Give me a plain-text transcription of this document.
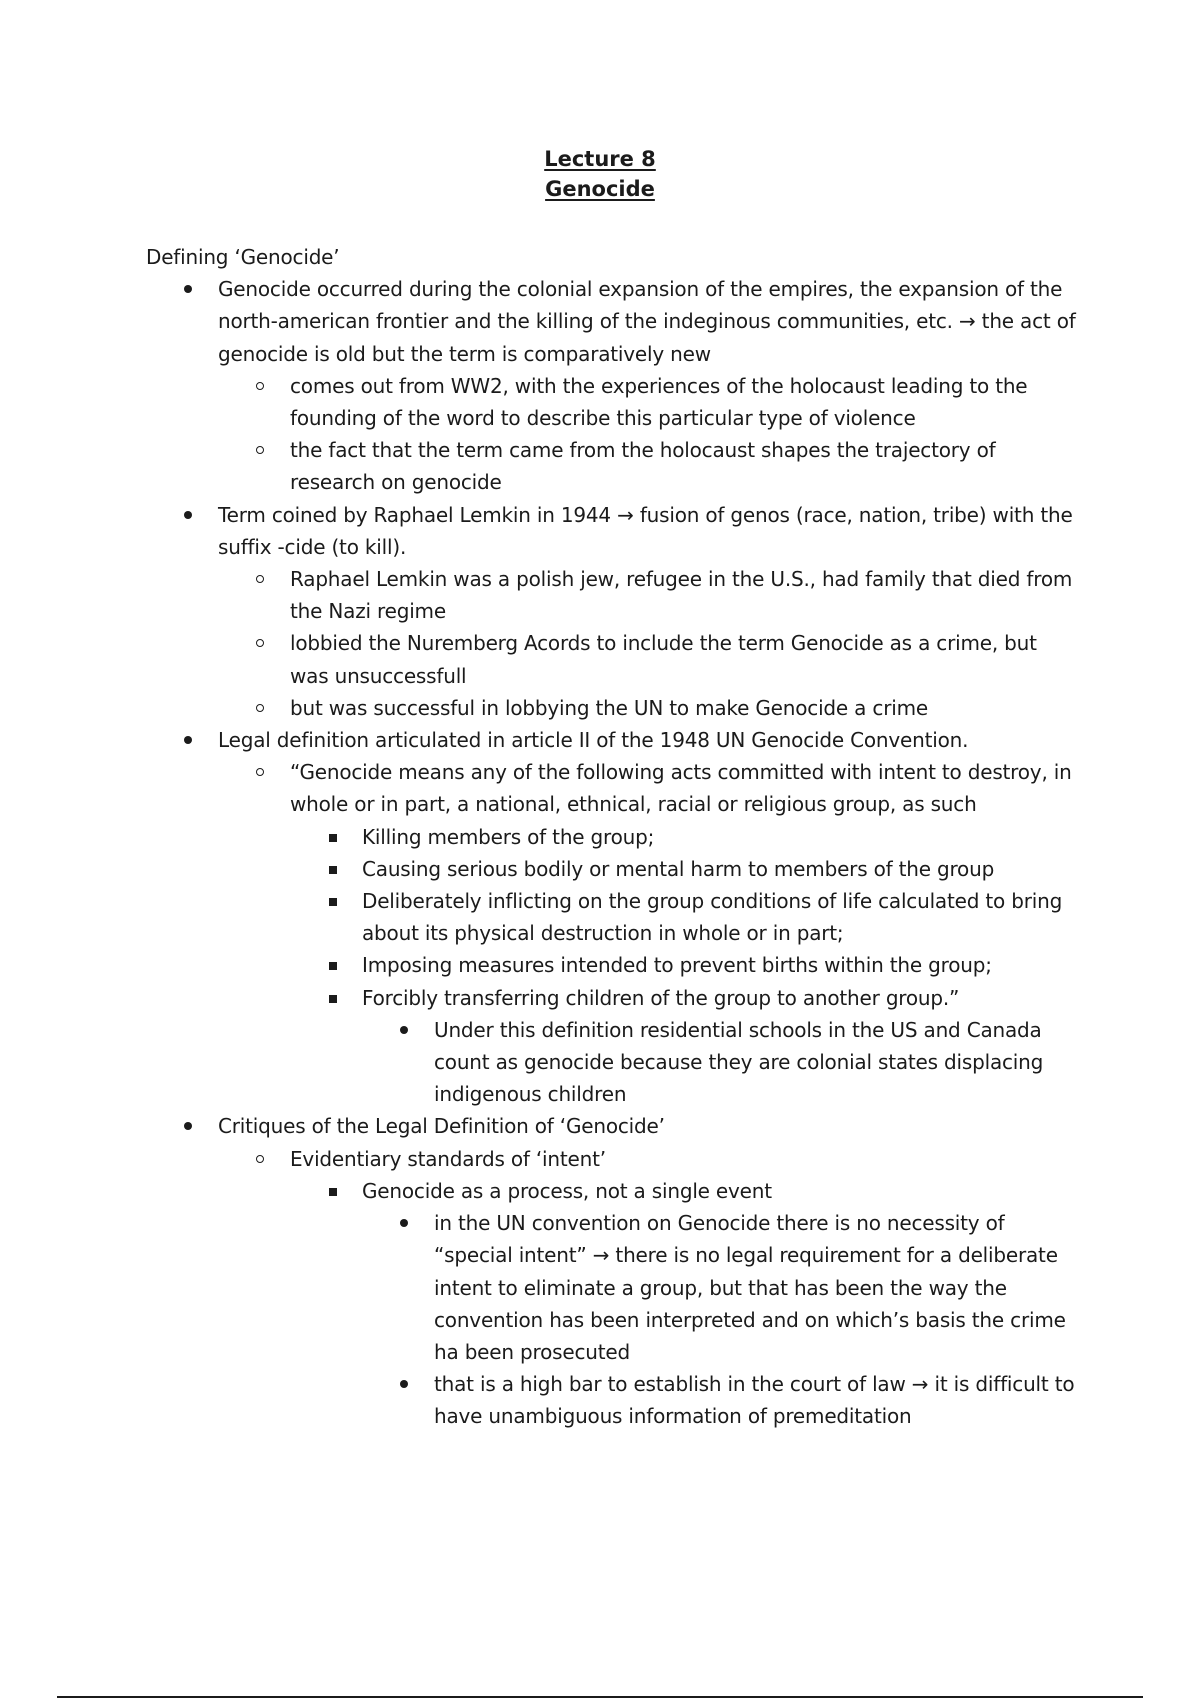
Lecture 8
Genocide
Defining ‘Genocide’
Genocide occurred during the colonial expansion of the empires, the expansion of the north-american frontier and the killing of the indeginous communities, etc. → the act of genocide is old but the term is comparatively new
comes out from WW2, with the experiences of the holocaust leading to the founding of the word to describe this particular type of violence
the fact that the term came from the holocaust shapes the trajectory of research on genocide
Term coined by Raphael Lemkin in 1944 → fusion of genos (race, nation, tribe) with the suffix -cide (to kill).
Raphael Lemkin was a polish jew, refugee in the U.S., had family that died from the Nazi regime
lobbied the Nuremberg Acords to include the term Genocide as a crime, but was unsuccessfull
but was successful in lobbying the UN to make Genocide a crime
Legal definition articulated in article II of the 1948 UN Genocide Convention.
“Genocide means any of the following acts committed with intent to destroy, in whole or in part, a national, ethnical, racial or religious group, as such
Killing members of the group;
Causing serious bodily or mental harm to members of the group
Deliberately inflicting on the group conditions of life calculated to bring about its physical destruction in whole or in part;
Imposing measures intended to prevent births within the group;
Forcibly transferring children of the group to another group.”
Under this definition residential schools in the US and Canada count as genocide because they are colonial states displacing indigenous children
Critiques of the Legal Definition of ‘Genocide’
Evidentiary standards of ‘intent’
Genocide as a process, not a single event
in the UN convention on Genocide there is no necessity of “special intent” → there is no legal requirement for a deliberate intent to eliminate a group, but that has been the way the convention has been interpreted and on which’s basis the crime ha been prosecuted
that is a high bar to establish in the court of law → it is difficult to have unambiguous information of premeditation
